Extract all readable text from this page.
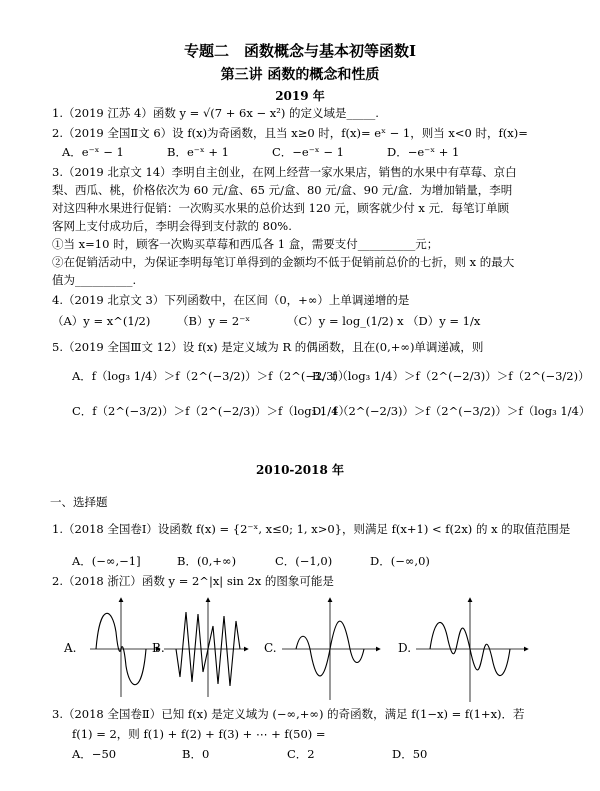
专题二　函数概念与基本初等函数Ⅰ
第三讲 函数的概念和性质
2019 年
1.（2019 江苏 4）函数 y = √(7 + 6x − x²) 的定义域是_____.
2.（2019 全国Ⅱ文 6）设 f(x)为奇函数，且当 x≥0 时，f(x)= eˣ − 1，则当 x<0 时，f(x)=
A．e⁻ˣ − 1	B．e⁻ˣ + 1	C．−e⁻ˣ − 1	D．−e⁻ˣ + 1
3.（2019 北京文 14）李明自主创业，在网上经营一家水果店，销售的水果中有草莓、京白
梨、西瓜、桃，价格依次为 60 元/盒、65 元/盒、80 元/盒、90 元/盒．为增加销量，李明
对这四种水果进行促销：一次购买水果的总价达到 120 元，顾客就少付 x 元．每笔订单顾
客网上支付成功后，李明会得到支付款的 80%.
①当 x=10 时，顾客一次购买草莓和西瓜各 1 盒，需要支付__________元；
②在促销活动中，为保证李明每笔订单得到的金额均不低于促销前总价的七折，则 x 的最大
值为__________.
4.（2019 北京文 3）下列函数中，在区间（0，+∞）上单调递增的是
（A）y = x^(1/2) （B）y = 2⁻ˣ	（C）y = log_(1/2) x （D）y = 1/x
5.（2019 全国Ⅲ文 12）设 f(x) 是定义域为 R 的偶函数，且在(0,+∞)单调递减，则
A．f（log₃ 1/4）＞f（2^(−3/2)）＞f（2^(−2/3)）B．f（log₃ 1/4）＞f（2^(−2/3)）＞f（2^(−3/2)）
C．f（2^(−3/2)）＞f（2^(−2/3)）＞f（log₃ 1/4）D．f（2^(−2/3)）＞f（2^(−3/2)）＞f（log₃ 1/4）
2010-2018 年
一、选择题
1.（2018 全国卷Ⅰ）设函数 f(x) = {2⁻ˣ, x≤0; 1, x>0}，则满足 f(x+1) < f(2x) 的 x 的取值范围是
A．(−∞,−1]	B．(0,+∞)	C．(−1,0)	D．(−∞,0)
2.（2018 浙江）函数 y = 2^|x| sin 2x 的图象可能是
A.	B.	C.	D.
3.（2018 全国卷Ⅱ）已知 f(x) 是定义域为 (−∞,+∞) 的奇函数，满足 f(1−x) = f(1+x)．若
f(1) = 2，则 f(1) + f(2) + f(3) + ⋯ + f(50) =
A．−50	B．0	C．2	D．50
